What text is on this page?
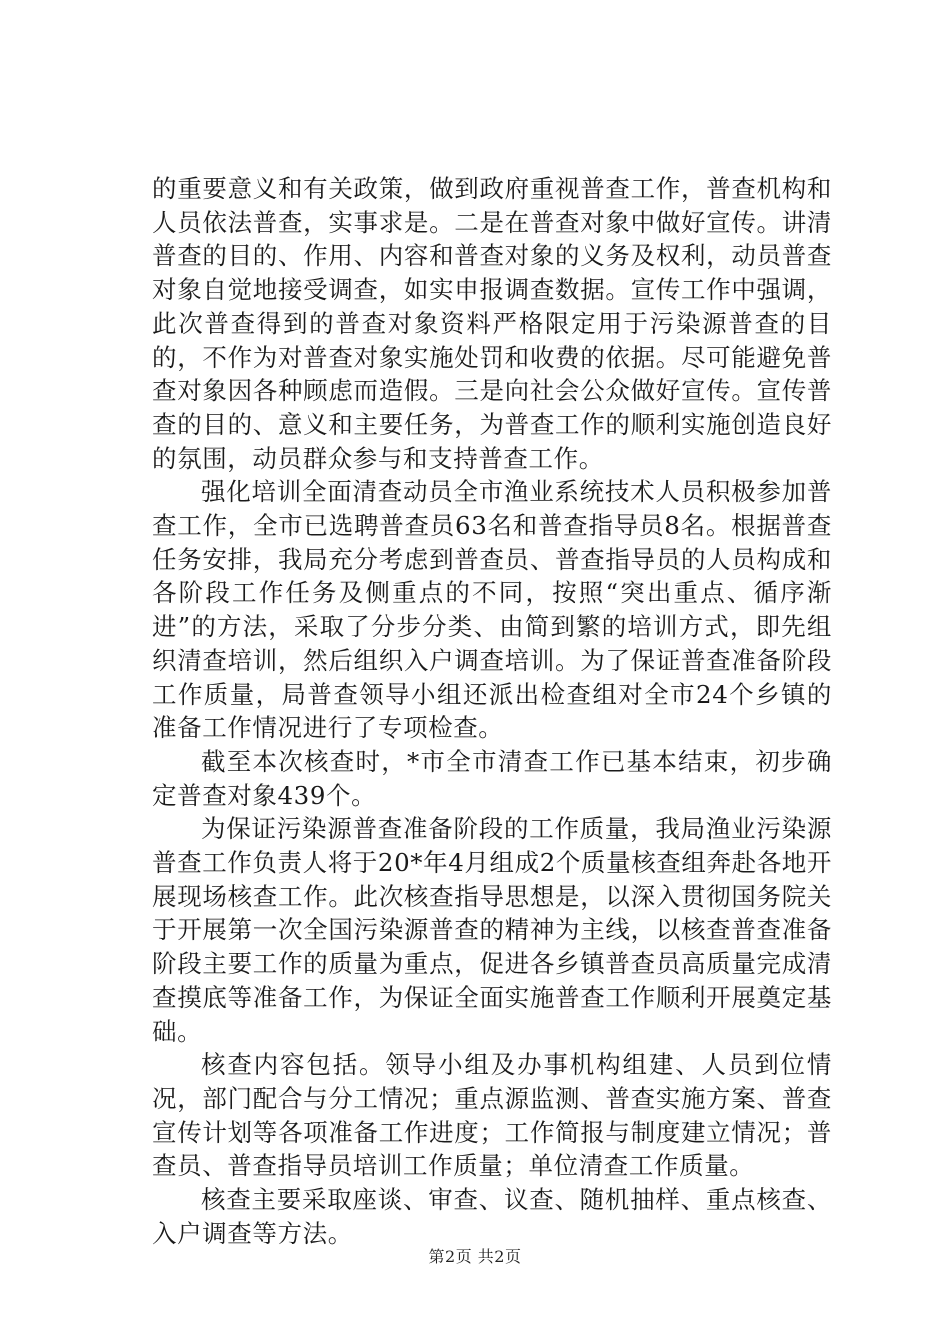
的重要意义和有关政策，做到政府重视普查工作，普查机构和人员依法普查，实事求是。二是在普查对象中做好宣传。讲清普查的目的、作用、内容和普查对象的义务及权利，动员普查对象自觉地接受调查，如实申报调查数据。宣传工作中强调，此次普查得到的普查对象资料严格限定用于污染源普查的目的，不作为对普查对象实施处罚和收费的依据。尽可能避免普查对象因各种顾虑而造假。三是向社会公众做好宣传。宣传普查的目的、意义和主要任务，为普查工作的顺利实施创造良好的氛围，动员群众参与和支持普查工作。

强化培训全面清查动员全市渔业系统技术人员积极参加普查工作，全市已选聘普查员63名和普查指导员8名。根据普查任务安排，我局充分考虑到普查员、普查指导员的人员构成和各阶段工作任务及侧重点的不同，按照“突出重点、循序渐进”的方法，采取了分步分类、由简到繁的培训方式，即先组织清查培训，然后组织入户调查培训。为了保证普查准备阶段工作质量，局普查领导小组还派出检查组对全市24个乡镇的准备工作情况进行了专项检查。

截至本次核查时，*市全市清查工作已基本结束，初步确定普查对象439个。

为保证污染源普查准备阶段的工作质量，我局渔业污染源普查工作负责人将于20*年4月组成2个质量核查组奔赴各地开展现场核查工作。此次核查指导思想是，以深入贯彻国务院关于开展第一次全国污染源普查的精神为主线，以核查普查准备阶段主要工作的质量为重点，促进各乡镇普查员高质量完成清查摸底等准备工作，为保证全面实施普查工作顺利开展奠定基础。

核查内容包括。领导小组及办事机构组建、人员到位情况，部门配合与分工情况；重点源监测、普查实施方案、普查宣传计划等各项准备工作进度；工作简报与制度建立情况；普查员、普查指导员培训工作质量；单位清查工作质量。

核查主要采取座谈、审查、议查、随机抽样、重点核查、入户调查等方法。

第2页 共2页
